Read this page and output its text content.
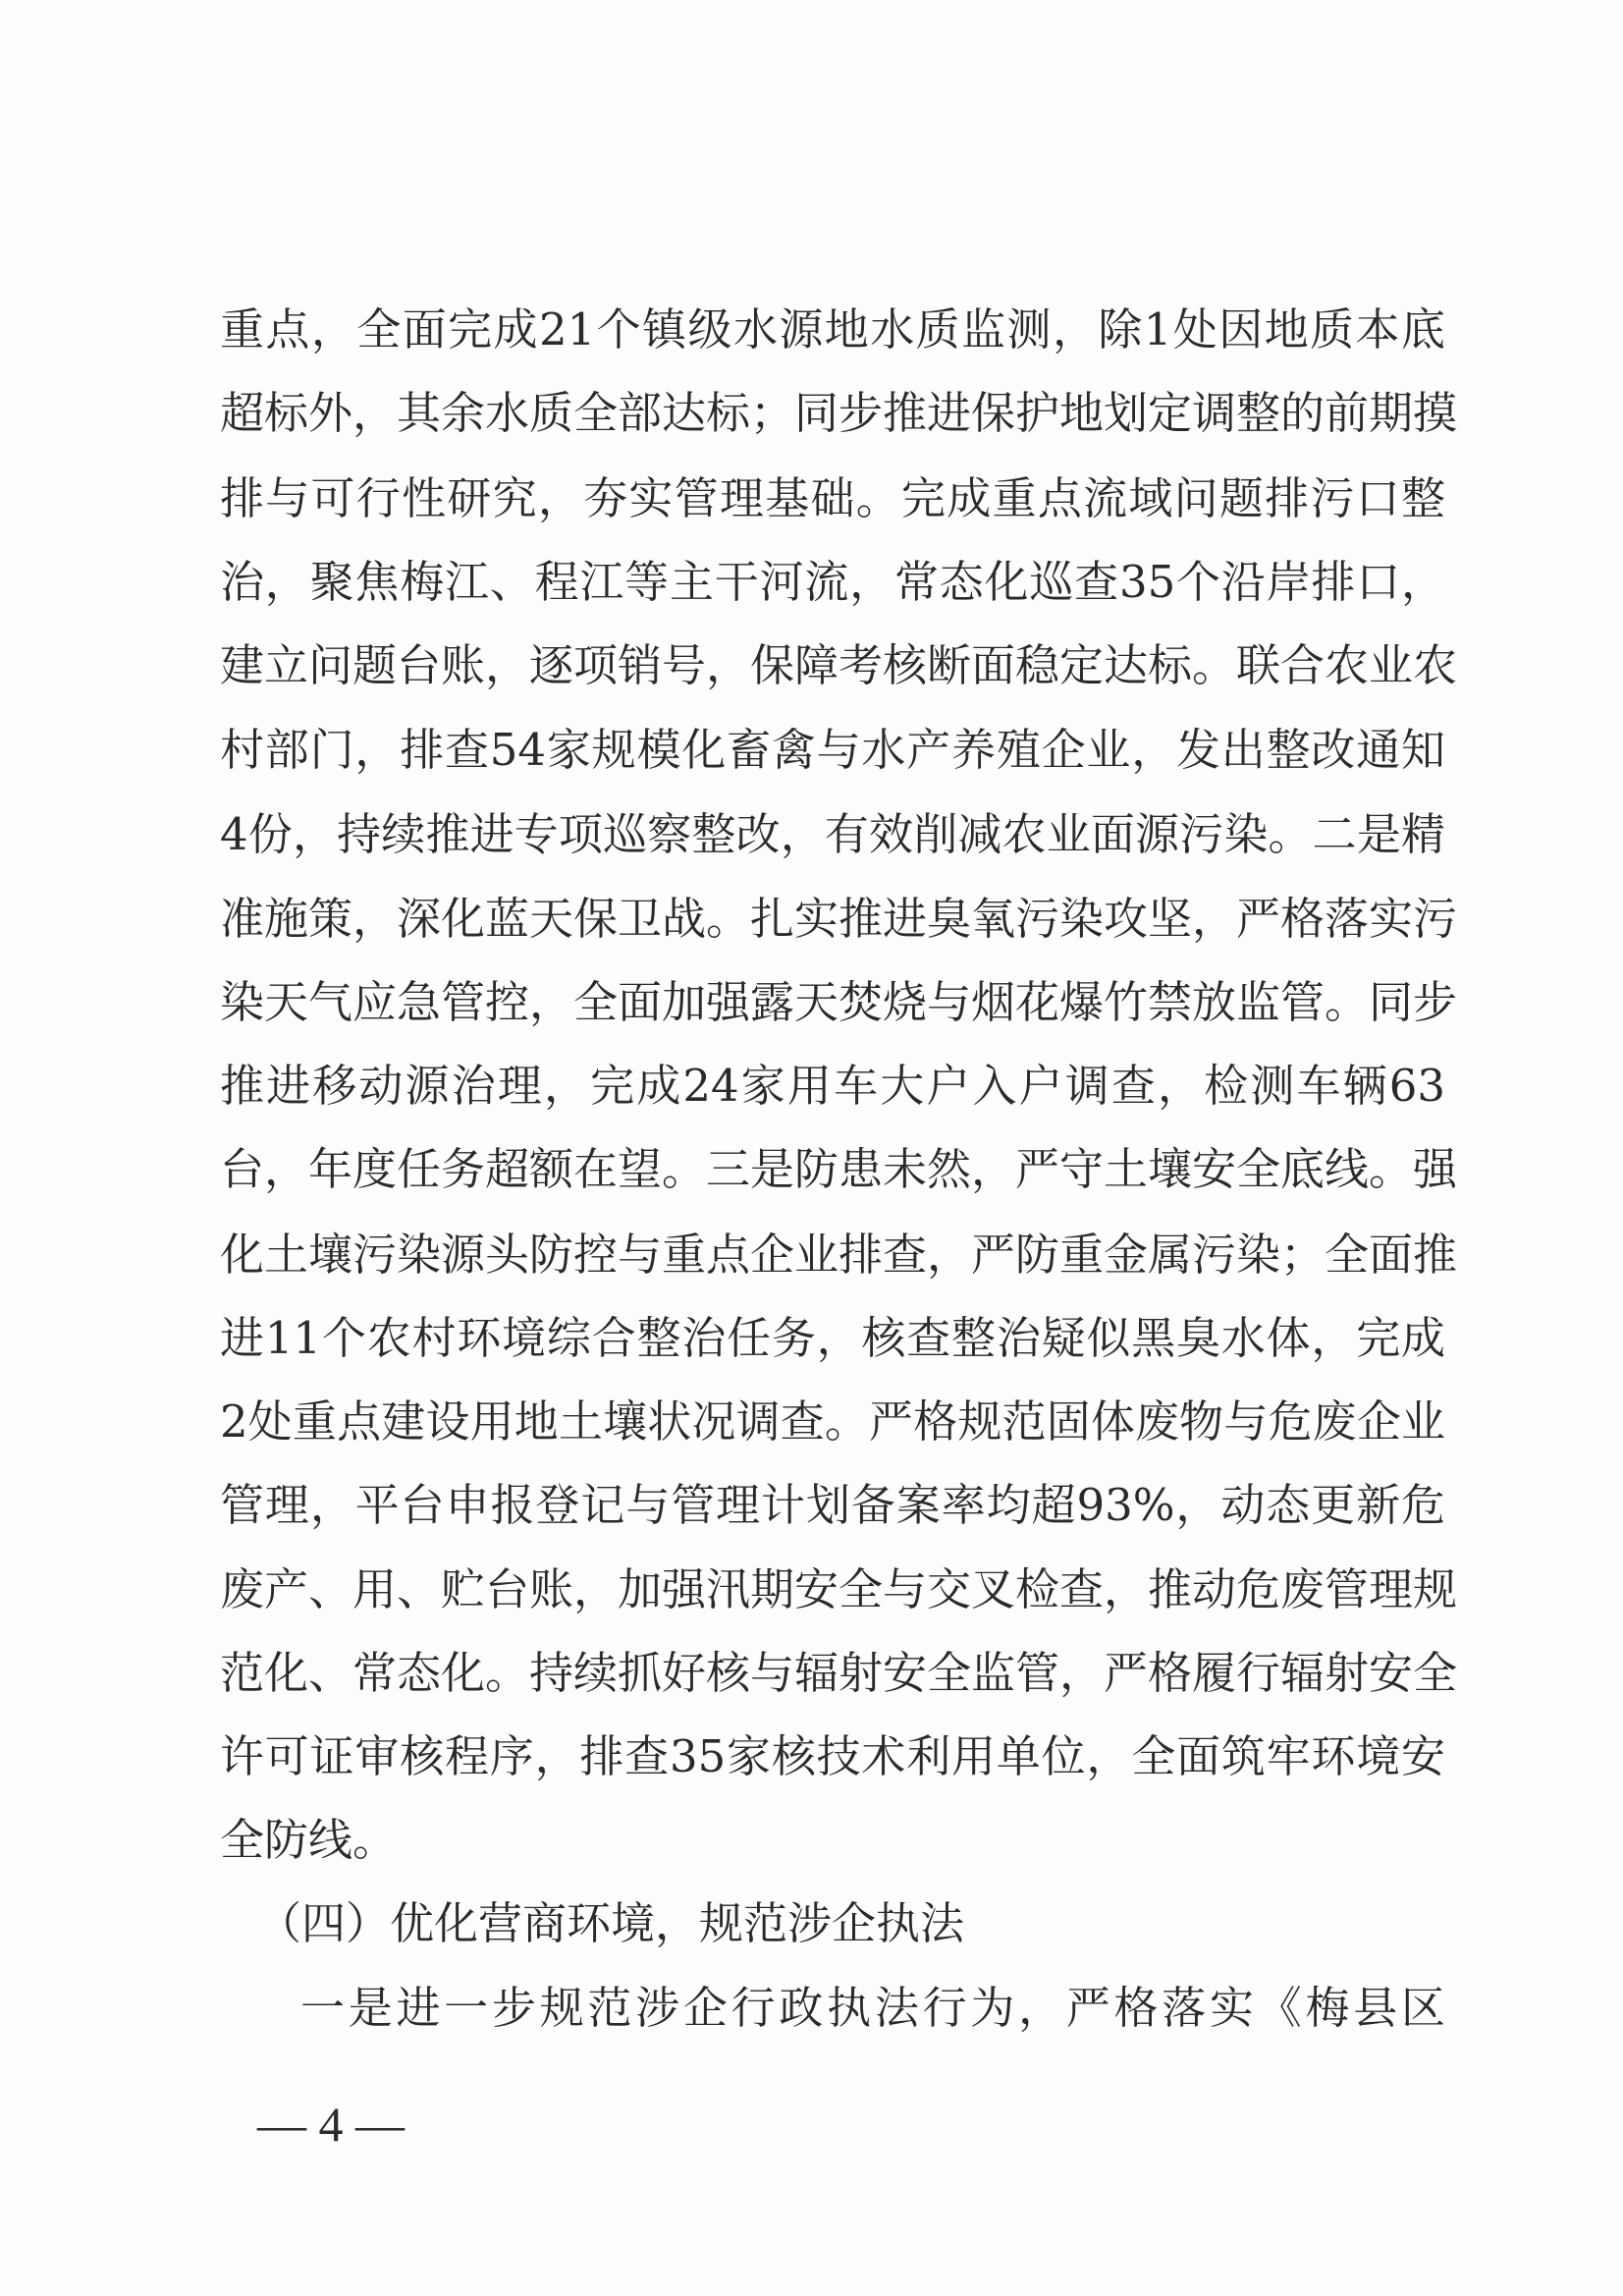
重点，全面完成21个镇级水源地水质监测，除1处因地质本底
超标外，其余水质全部达标；同步推进保护地划定调整的前期摸
排与可行性研究，夯实管理基础。完成重点流域问题排污口整
治，聚焦梅江、程江等主干河流，常态化巡查35个沿岸排口，
建立问题台账，逐项销号，保障考核断面稳定达标。联合农业农
村部门，排查54家规模化畜禽与水产养殖企业，发出整改通知
4份，持续推进专项巡察整改，有效削减农业面源污染。二是精
准施策，深化蓝天保卫战。扎实推进臭氧污染攻坚，严格落实污
染天气应急管控，全面加强露天焚烧与烟花爆竹禁放监管。同步
推进移动源治理，完成24家用车大户入户调查，检测车辆63
台，年度任务超额在望。三是防患未然，严守土壤安全底线。强
化土壤污染源头防控与重点企业排查，严防重金属污染；全面推
进11个农村环境综合整治任务，核查整治疑似黑臭水体，完成
2处重点建设用地土壤状况调查。严格规范固体废物与危废企业
管理，平台申报登记与管理计划备案率均超93%，动态更新危
废产、用、贮台账，加强汛期安全与交叉检查，推动危废管理规
范化、常态化。持续抓好核与辐射安全监管，严格履行辐射安全
许可证审核程序，排查35家核技术利用单位，全面筑牢环境安
全防线。
（四）优化营商环境，规范涉企执法
一是进一步规范涉企行政执法行为，严格落实《梅县区
— 4 —
